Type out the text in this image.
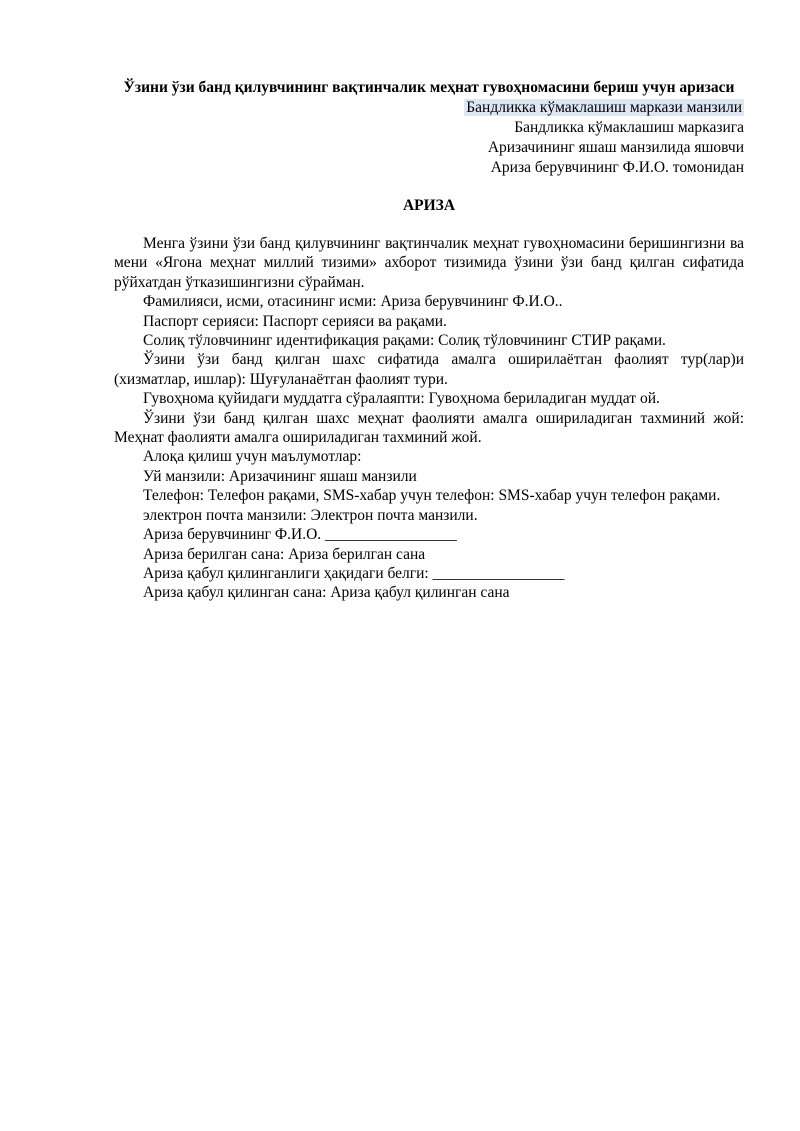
Ўзини ўзи банд қилувчининг вақтинчалик меҳнат гувоҳномасини бериш учун аризаси

Бандликка кўмаклашиш маркази манзили
Бандликка кўмаклашиш марказига
Аризачининг яшаш манзилида яшовчи
Ариза берувчининг Ф.И.О. томонидан
АРИЗА

Менга ўзини ўзи банд қилувчининг вақтинчалик меҳнат гувоҳномасини беришингизни ва мени «Ягона меҳнат миллий тизими» ахборот тизимида ўзини ўзи банд қилган сифатида рўйхатдан ўтказишингизни сўрайман.

Фамилияси, исми, отасининг исми: Ариза берувчининг Ф.И.О..

Паспорт серияси: Паспорт серияси ва рақами.

Солиқ тўловчининг идентификация рақами: Солиқ тўловчининг СТИР рақами.

Ўзини ўзи банд қилган шахс сифатида амалга оширилаётган фаолият тур(лар)и (хизматлар, ишлар): Шуғуланаётган фаолият тури.

Гувоҳнома қуйидаги муддатга сўралаяпти: Гувоҳнома бериладиган муддат ой.

Ўзини ўзи банд қилган шахс меҳнат фаолияти амалга ошириладиган тахминий жой: Меҳнат фаолияти амалга ошириладиган тахминий жой.

Алоқа қилиш учун маълумотлар:

Уй манзили: Аризачининг яшаш манзили

Телефон: Телефон рақами, SMS-хабар учун телефон: SMS-хабар учун телефон рақами.

электрон почта манзили: Электрон почта манзили.

Ариза берувчининг Ф.И.О. _________________

Ариза берилган сана: Ариза берилган сана

Ариза қабул қилинганлиги ҳақидаги белги: _________________

Ариза қабул қилинган сана: Ариза қабул қилинган сана
